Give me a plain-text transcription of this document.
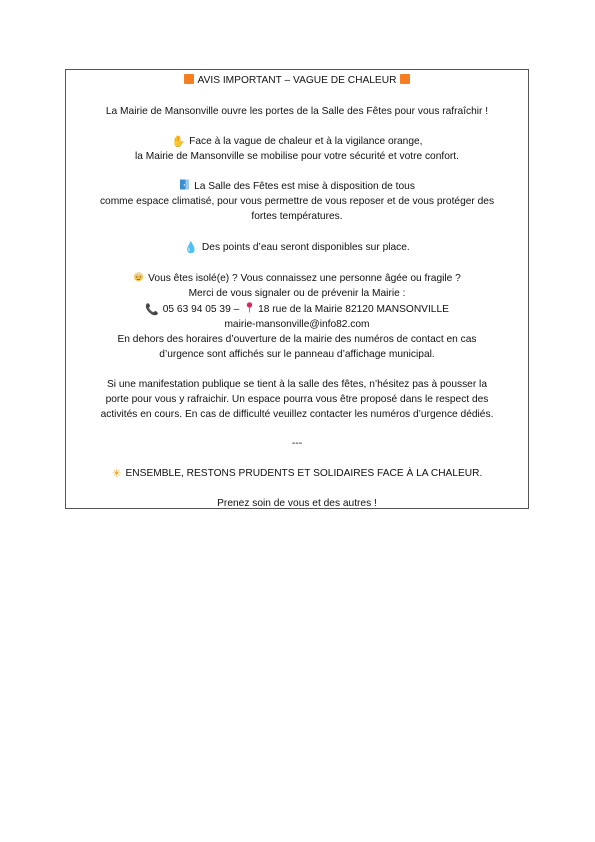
AVIS IMPORTANT – VAGUE DE CHALEUR
La Mairie de Mansonville ouvre les portes de la Salle des Fêtes pour vous rafraîchir !
✋ Face à la vague de chaleur et à la vigilance orange,
la Mairie de Mansonville se mobilise pour votre sécurité et votre confort.
La Salle des Fêtes est mise à disposition de tous
comme espace climatisé, pour vous permettre de vous reposer et de vous protéger des
fortes températures.
💧 Des points d’eau seront disponibles sur place.
Vous êtes isolé(e) ? Vous connaissez une personne âgée ou fragile ?
Merci de vous signaler ou de prévenir la Mairie :
📞 05 63 94 05 39 – 18 rue de la Mairie 82120 MANSONVILLE
mairie-mansonville@info82.com
En dehors des horaires d’ouverture de la mairie des numéros de contact en cas
d’urgence sont affichés sur le panneau d’affichage municipal.
Si une manifestation publique se tient à la salle des fêtes, n’hésitez pas à pousser la
porte pour vous y rafraichir. Un espace pourra vous être proposé dans le respect des
activités en cours. En cas de difficulté veuillez contacter les numéros d’urgence dédiés.
---
☀ ENSEMBLE, RESTONS PRUDENTS ET SOLIDAIRES FACE À LA CHALEUR.
Prenez soin de vous et des autres !
